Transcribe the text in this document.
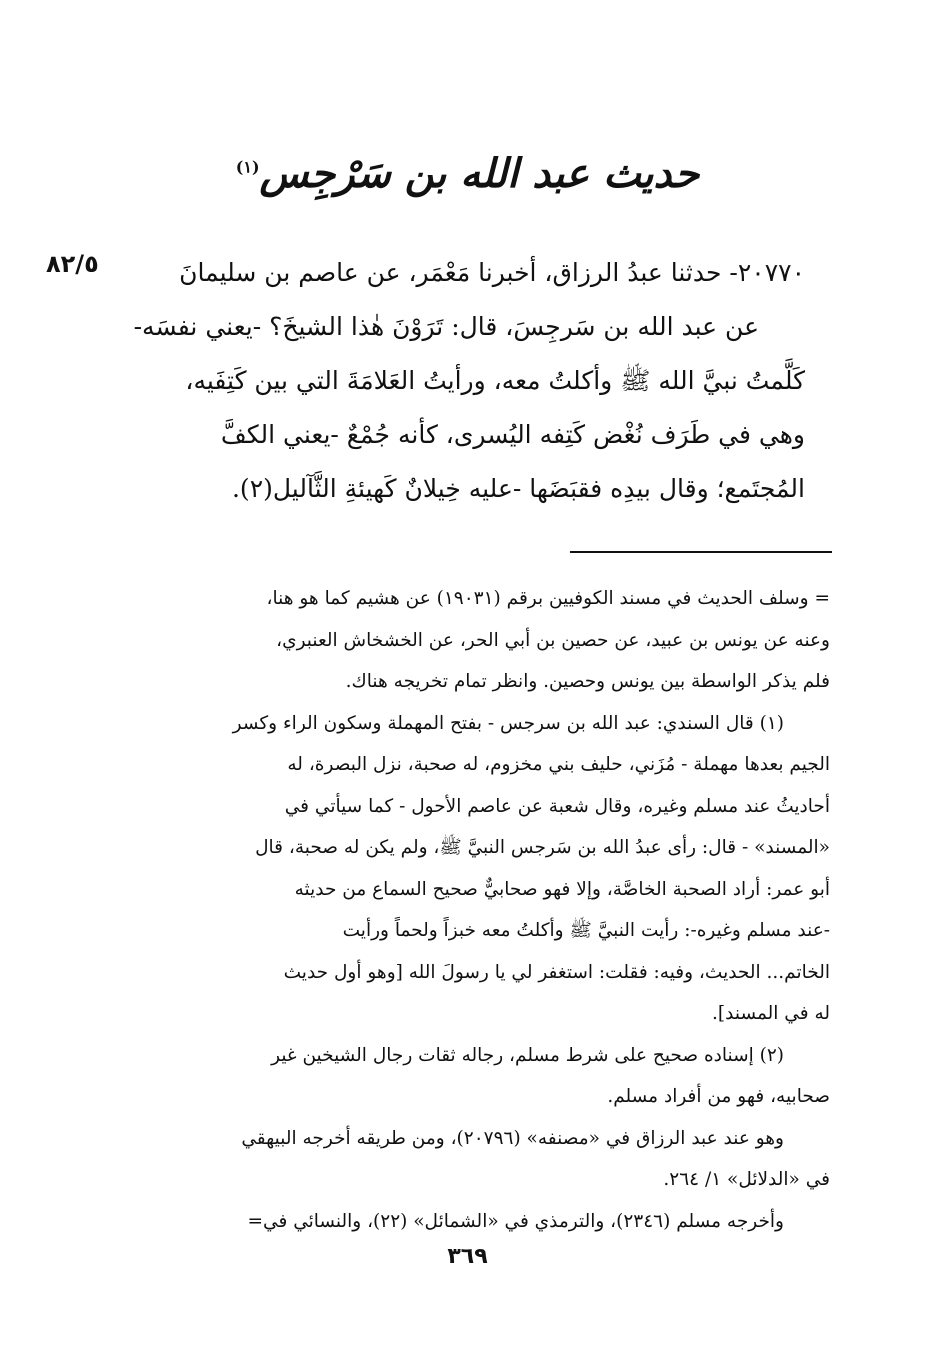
حديث عبد الله بن سَرْجِس$^{(١)}$
٨٢/٥	٢٠٧٧٠- حدثنا عبدُ الرزاق، أخبرنا مَعْمَر، عن عاصم بن سليمانَ
عن عبد الله بن سَرجِسَ، قال: تَرَوْنَ هٰذا الشيخَ؟ -يعني نفسَه-
كَلَّمتُ نبيَّ الله ﷺ وأكلتُ معه، ورأيتُ العَلامَةَ التي بين كَتِفَيه،
وهي في طَرَف نُغْض كَتِفه اليُسرى، كأنه جُمْعٌ -يعني الكفَّ
المُجتَمع؛ وقال بيدِه فقبَضَها -عليه خِيلانٌ كَهيئةِ الثَّآليل(٢).
= وسلف الحديث في مسند الكوفيين برقم (١٩٠٣١) عن هشيم كما هو هنا،
وعنه عن يونس بن عبيد، عن حصين بن أبي الحر، عن الخشخاش العنبري،
فلم يذكر الواسطة بين يونس وحصين. وانظر تمام تخريجه هناك.
(١) قال السندي: عبد الله بن سرجس - بفتح المهملة وسكون الراء وكسر
الجيم بعدها مهملة - مُزَني، حليف بني مخزوم، له صحبة، نزل البصرة، له
أحاديثُ عند مسلم وغيره، وقال شعبة عن عاصم الأحول - كما سيأتي في
«المسند» - قال: رأى عبدُ الله بن سَرجس النبيَّ ﷺ، ولم يكن له صحبة، قال
أبو عمر: أراد الصحبة الخاصَّة، وإلا فهو صحابيٌّ صحيح السماع من حديثه
-عند مسلم وغيره-: رأيت النبيَّ ﷺ وأكلتُ معه خبزاً ولحماً ورأيت
الخاتم... الحديث، وفيه: فقلت: استغفر لي يا رسولَ الله [وهو أول حديث
له في المسند].
(٢) إسناده صحيح على شرط مسلم، رجاله ثقات رجال الشيخين غير
صحابيه، فهو من أفراد مسلم.
وهو عند عبد الرزاق في «مصنفه» (٢٠٧٩٦)، ومن طريقه أخرجه البيهقي
في «الدلائل» ١/ ٢٦٤.
وأخرجه مسلم (٢٣٤٦)، والترمذي في «الشمائل» (٢٢)، والنسائي في=
٣٦٩
